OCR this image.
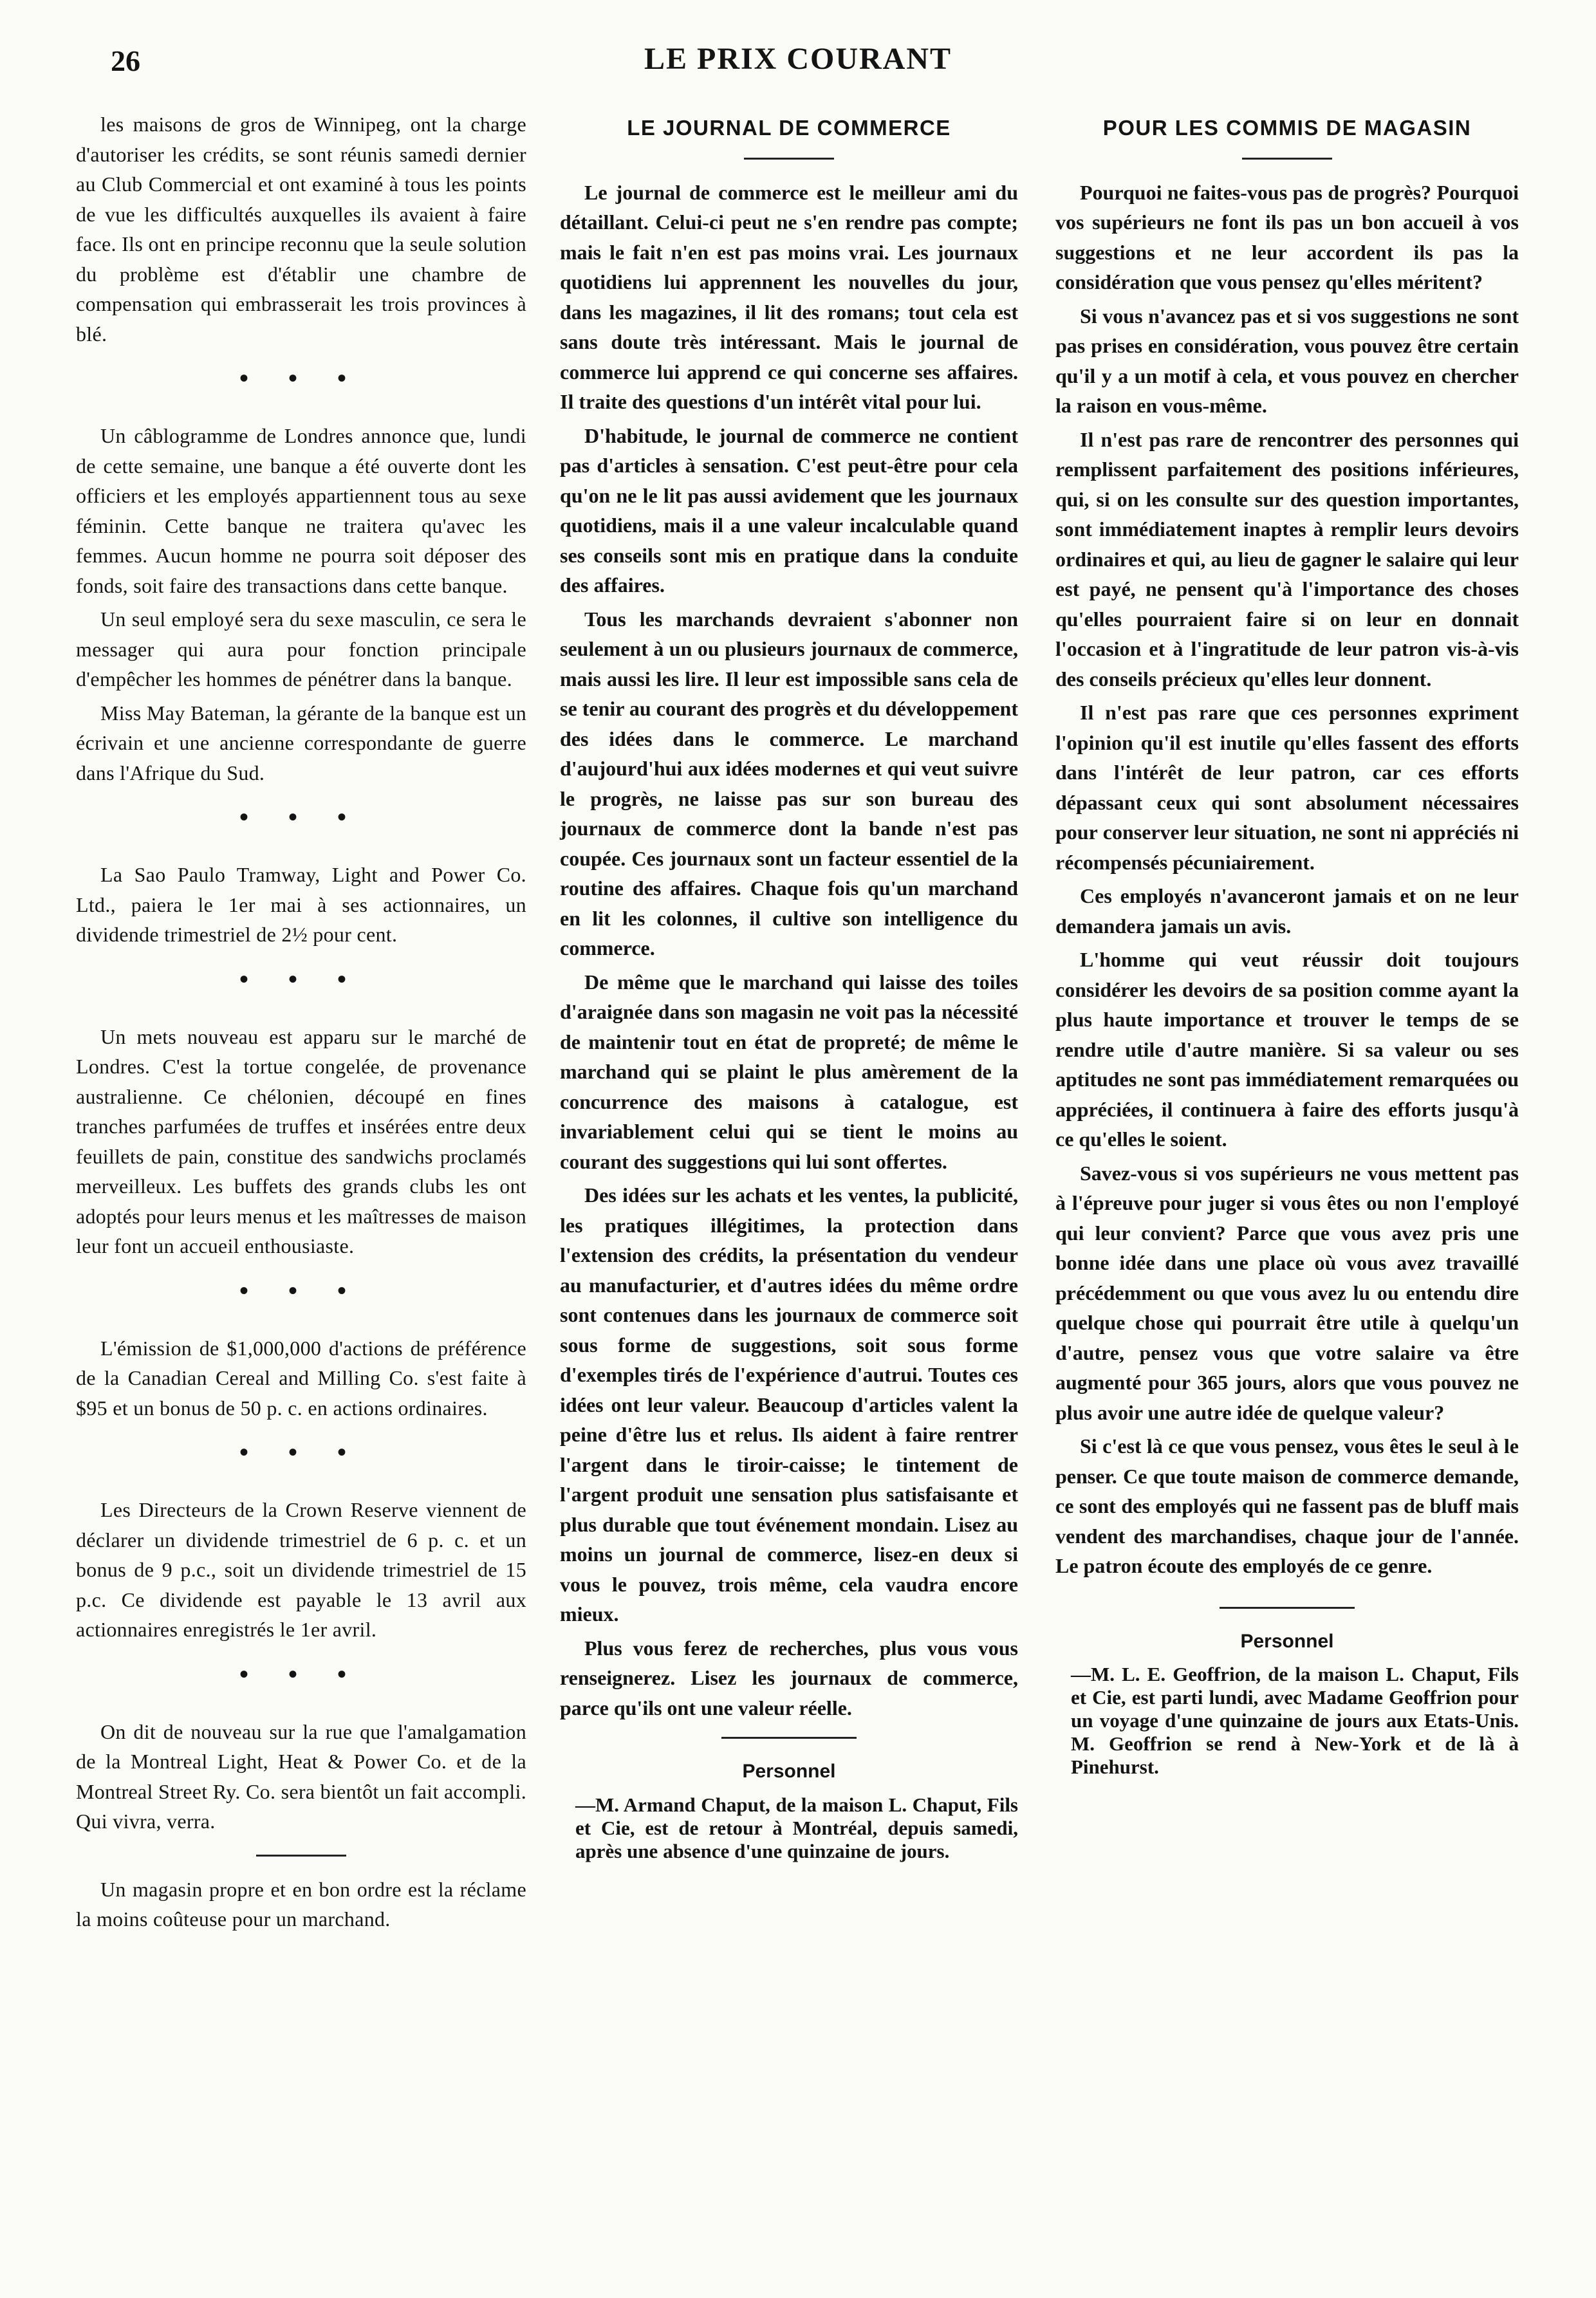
26	LE PRIX COURANT

les maisons de gros de Winnipeg, ont la charge d'autoriser les crédits, se sont réunis samedi dernier au Club Commercial et ont examiné à tous les points de vue les difficultés auxquelles ils avaient à faire face. Ils ont en principe reconnu que la seule solution du problème est d'établir une chambre de compensation qui embrasserait les trois provinces à blé.

• • •

Un câblogramme de Londres annonce que, lundi de cette semaine, une banque a été ouverte dont les officiers et les employés appartiennent tous au sexe féminin. Cette banque ne traitera qu'avec les femmes. Aucun homme ne pourra soit déposer des fonds, soit faire des transactions dans cette banque.

Un seul employé sera du sexe masculin, ce sera le messager qui aura pour fonction principale d'empêcher les hommes de pénétrer dans la banque.

Miss May Bateman, la gérante de la banque est un écrivain et une ancienne correspondante de guerre dans l'Afrique du Sud.

• • •

La Sao Paulo Tramway, Light and Power Co. Ltd., paiera le 1er mai à ses actionnaires, un dividende trimestriel de 2½ pour cent.

• • •

Un mets nouveau est apparu sur le marché de Londres. C'est la tortue congelée, de provenance australienne. Ce chélonien, découpé en fines tranches parfumées de truffes et insérées entre deux feuillets de pain, constitue des sandwichs proclamés merveilleux. Les buffets des grands clubs les ont adoptés pour leurs menus et les maîtresses de maison leur font un accueil enthousiaste.

• • •

L'émission de $1,000,000 d'actions de préférence de la Canadian Cereal and Milling Co. s'est faite à $95 et un bonus de 50 p. c. en actions ordinaires.

• • •

Les Directeurs de la Crown Reserve viennent de déclarer un dividende trimestriel de 6 p. c. et un bonus de 9 p.c., soit un dividende trimestriel de 15 p.c. Ce dividende est payable le 13 avril aux actionnaires enregistrés le 1er avril.

• • •

On dit de nouveau sur la rue que l'amalgamation de la Montreal Light, Heat & Power Co. et de la Montreal Street Ry. Co. sera bientôt un fait accompli. Qui vivra, verra.

Un magasin propre et en bon ordre est la réclame la moins coûteuse pour un marchand.

LE JOURNAL DE COMMERCE

Le journal de commerce est le meilleur ami du détaillant. Celui-ci peut ne s'en rendre pas compte; mais le fait n'en est pas moins vrai. Les journaux quotidiens lui apprennent les nouvelles du jour, dans les magazines, il lit des romans; tout cela est sans doute très intéressant. Mais le journal de commerce lui apprend ce qui concerne ses affaires. Il traite des questions d'un intérêt vital pour lui.

D'habitude, le journal de commerce ne contient pas d'articles à sensation. C'est peut-être pour cela qu'on ne le lit pas aussi avidement que les journaux quotidiens, mais il a une valeur incalculable quand ses conseils sont mis en pratique dans la conduite des affaires.

Tous les marchands devraient s'abonner non seulement à un ou plusieurs journaux de commerce, mais aussi les lire. Il leur est impossible sans cela de se tenir au courant des progrès et du développement des idées dans le commerce. Le marchand d'aujourd'hui aux idées modernes et qui veut suivre le progrès, ne laisse pas sur son bureau des journaux de commerce dont la bande n'est pas coupée. Ces journaux sont un facteur essentiel de la routine des affaires. Chaque fois qu'un marchand en lit les colonnes, il cultive son intelligence du commerce.

De même que le marchand qui laisse des toiles d'araignée dans son magasin ne voit pas la nécessité de maintenir tout en état de propreté; de même le marchand qui se plaint le plus amèrement de la concurrence des maisons à catalogue, est invariablement celui qui se tient le moins au courant des suggestions qui lui sont offertes.

Des idées sur les achats et les ventes, la publicité, les pratiques illégitimes, la protection dans l'extension des crédits, la présentation du vendeur au manufacturier, et d'autres idées du même ordre sont contenues dans les journaux de commerce soit sous forme de suggestions, soit sous forme d'exemples tirés de l'expérience d'autrui. Toutes ces idées ont leur valeur. Beaucoup d'articles valent la peine d'être lus et relus. Ils aident à faire rentrer l'argent dans le tiroir-caisse; le tintement de l'argent produit une sensation plus satisfaisante et plus durable que tout événement mondain. Lisez au moins un journal de commerce, lisez-en deux si vous le pouvez, trois même, cela vaudra encore mieux.

Plus vous ferez de recherches, plus vous vous renseignerez. Lisez les journaux de commerce, parce qu'ils ont une valeur réelle.

Personnel

—M. Armand Chaput, de la maison L. Chaput, Fils et Cie, est de retour à Montréal, depuis samedi, après une absence d'une quinzaine de jours.

POUR LES COMMIS DE MAGASIN

Pourquoi ne faites-vous pas de progrès? Pourquoi vos supérieurs ne font ils pas un bon accueil à vos suggestions et ne leur accordent ils pas la considération que vous pensez qu'elles méritent?

Si vous n'avancez pas et si vos suggestions ne sont pas prises en considération, vous pouvez être certain qu'il y a un motif à cela, et vous pouvez en chercher la raison en vous-même.

Il n'est pas rare de rencontrer des personnes qui remplissent parfaitement des positions inférieures, qui, si on les consulte sur des question importantes, sont immédiatement inaptes à remplir leurs devoirs ordinaires et qui, au lieu de gagner le salaire qui leur est payé, ne pensent qu'à l'importance des choses qu'elles pourraient faire si on leur en donnait l'occasion et à l'ingratitude de leur patron vis-à-vis des conseils précieux qu'elles leur donnent.

Il n'est pas rare que ces personnes expriment l'opinion qu'il est inutile qu'elles fassent des efforts dans l'intérêt de leur patron, car ces efforts dépassant ceux qui sont absolument nécessaires pour conserver leur situation, ne sont ni appréciés ni récompensés pécuniairement.

Ces employés n'avanceront jamais et on ne leur demandera jamais un avis.

L'homme qui veut réussir doit toujours considérer les devoirs de sa position comme ayant la plus haute importance et trouver le temps de se rendre utile d'autre manière. Si sa valeur ou ses aptitudes ne sont pas immédiatement remarquées ou appréciées, il continuera à faire des efforts jusqu'à ce qu'elles le soient.

Savez-vous si vos supérieurs ne vous mettent pas à l'épreuve pour juger si vous êtes ou non l'employé qui leur convient? Parce que vous avez pris une bonne idée dans une place où vous avez travaillé précédemment ou que vous avez lu ou entendu dire quelque chose qui pourrait être utile à quelqu'un d'autre, pensez vous que votre salaire va être augmenté pour 365 jours, alors que vous pouvez ne plus avoir une autre idée de quelque valeur?

Si c'est là ce que vous pensez, vous êtes le seul à le penser. Ce que toute maison de commerce demande, ce sont des employés qui ne fassent pas de bluff mais vendent des marchandises, chaque jour de l'année. Le patron écoute des employés de ce genre.

Personnel

—M. L. E. Geoffrion, de la maison L. Chaput, Fils et Cie, est parti lundi, avec Madame Geoffrion pour un voyage d'une quinzaine de jours aux Etats-Unis. M. Geoffrion se rend à New-York et de là à Pinehurst.
